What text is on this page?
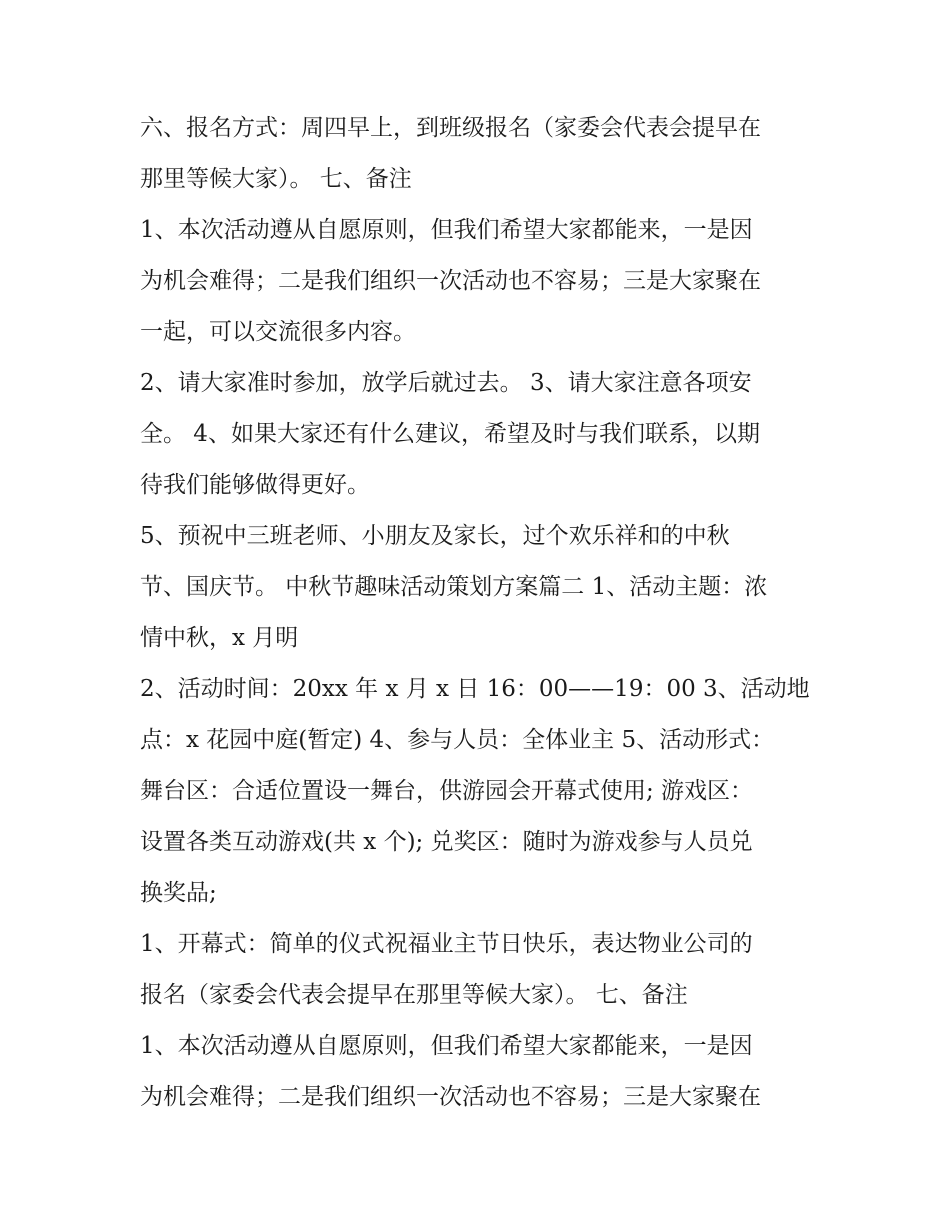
六、报名方式：周四早上，到班级报名（家委会代表会提早在
那里等候大家）。 七、备注
1、本次活动遵从自愿原则，但我们希望大家都能来，一是因
为机会难得；二是我们组织一次活动也不容易；三是大家聚在
一起，可以交流很多内容。
2、请大家准时参加，放学后就过去。 3、请大家注意各项安
全。 4、如果大家还有什么建议，希望及时与我们联系，以期
待我们能够做得更好。
5、预祝中三班老师、小朋友及家长，过个欢乐祥和的中秋
节、国庆节。 中秋节趣味活动策划方案篇二 1、活动主题：浓
情中秋，x 月明
2、活动时间：20xx 年 x 月 x 日 16：00——19：00 3、活动地
点：x 花园中庭(暂定) 4、参与人员：全体业主 5、活动形式：
舞台区：合适位置设一舞台，供游园会开幕式使用; 游戏区：
设置各类互动游戏(共 x 个); 兑奖区：随时为游戏参与人员兑
换奖品;
1、开幕式：简单的仪式祝福业主节日快乐，表达物业公司的
报名（家委会代表会提早在那里等候大家）。 七、备注
1、本次活动遵从自愿原则，但我们希望大家都能来，一是因
为机会难得；二是我们组织一次活动也不容易；三是大家聚在
